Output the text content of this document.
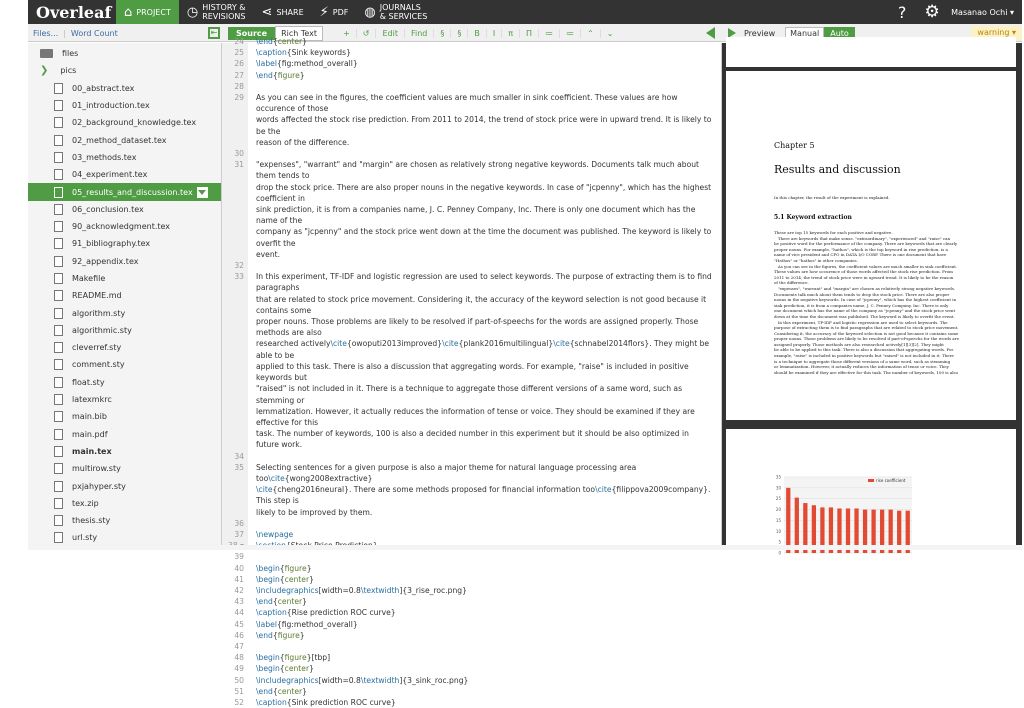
Overleaf ⌂ PROJECT ◷ HISTORY &
REVISIONS ⋖ SHARE ⚡ PDF ◍ JOURNALS
& SERVICES	?	⚙	Masanao Ochi ▾
Files... | Word Count	⇤	Source	Rich Text	+	↺	Edit	Find	§	§	B	I	π	Π	≔	≔	⌃	⌄	Preview	Manual	Auto	warning ▾
files
❯ pics
00_abstract.tex
01_introduction.tex
02_background_knowledge.tex
02_method_dataset.tex
03_methods.tex
04_experiment.tex
05_results_and_discussion.tex
06_conclusion.tex
90_acknowledgment.tex
91_bibliography.tex
92_appendix.tex
Makefile
README.md
algorithm.sty
algorithmic.sty
cleverref.sty
comment.sty
float.sty
latexmkrc
main.bib
main.pdf
main.tex
multirow.sty
pxjahyper.sty
tex.zip
thesis.sty
url.sty
24 \end{center}
25 \caption{Sink keywords}
26 \label{fig:method_overall}
27 \end{figure}
28

29 As you can see in the figures, the coefficient values are much smaller in sink coefficient. These values are how occurence of those
words affected the stock rise prediction. From 2011 to 2014, the trend of stock price were in upward trend. It is likely to be the
reason of the difference.
30

31 "expenses", "warrant" and "margin" are chosen as relatively strong negative keywords. Documents talk much about them tends to
drop the stock price. There are also proper nouns in the negative keywords. In case of "jcpenny", which has the highest coefficient in
sink prediction, it is from a companies name, J. C. Penney Company, Inc. There is only one document which has the name of the
company as "jcpenny" and the stock price went down at the time the document was published. The keyword is likely to overfit the
event.
32

33 In this experiment, TF-IDF and logistic regression are used to select keywords. The purpose of extracting them is to find paragraphs
that are related to stock price movement. Considering it, the accuracy of the keyword selection is not good because it contains some
proper nouns. Those problems are likely to be resolved if part-of-speechs for the words are assigned properly. Those methods are also
researched actively\cite{owoputi2013improved}\cite{plank2016multilingual}\cite{schnabel2014flors}. They might be able to be
applied to this task. There is also a discussion that aggregating words. For example, "raise" is included in positive keywords but
"raised" is not included in it. There is a technique to aggregate those different versions of a same word, such as stemming or
lemmatization. However, it actually reduces the information of tense or voice. They should be examined if they are effective for this
task. The number of keywords, 100 is also a decided number in this experiment but it should be also optimized in future work.
34

35 Selecting sentences for a given purpose is also a major theme for natural language processing area too\cite{wong2008extractive}
\cite{cheng2016neural}. There are some methods proposed for financial information too\cite{filippova2009company}. This step is
likely to be improved by them.
36

37 \newpage
39

40 \begin{figure}
41 \begin{center}
42 \includegraphics[width=0.8\textwidth]{3_rise_roc.png}
43 \end{center}
44 \caption{Rise prediction ROC curve}
45 \label{fig:method_overall}
46 \end{figure}
47

48 \begin{figure}[tbp]
49 \begin{center}
50 \includegraphics[width=0.8\textwidth]{3_sink_roc.png}
51 \end{center}
52 \caption{Sink prediction ROC curve}
Chapter 5
Results and discussion
In this chapter, the result of the experiment is explained.
5.1 Keyword extraction
These are top 15 keywords for each positive and negative.
There are keywords that make sense. "extraordinary", "experienced" and "raise" can
be positive word for the performance of the company. There are keywords that are clearly
proper nouns. For example, "hathos", which is the top keyword in rise prediction, is a
name of vice president and CFO in DATA I/O CORP. There is one document that have
"Hathos" or "hathos" in other companies.
As you can see in the figures, the coefficient values are much smaller in sink coefficient.
These values are how occurence of those words affected the stock rise prediction. From
2011 to 2014, the trend of stock price were in upward trend. It is likely to be the reason
of the difference.
"expenses", "warrant" and "margin" are chosen as relatively strong negative keywords.
Documents talk much about them tends to drop the stock price. There are also proper
nouns in the negative keywords. In case of "jcpenny", which has the highest coefficient in
sink prediction, it is from a companies name, J. C. Penney Company, Inc. There is only
one document which has the name of the company as "jcpenny" and the stock price went
down at the time the document was published. The keyword is likely to overfit the event.
In this experiment, TF-IDF and logistic regression are used to select keywords. The
purpose of extracting them is to find paragraphs that are related to stock price movement.
Considering it, the accuracy of the keyword selection is not good because it contains some
proper nouns. Those problems are likely to be resolved if part-of-speechs for the words are
assigned properly. Those methods are also researched actively[1][3][2]. They might
be able to be applied to this task. There is also a discussion that aggregating words. For
example, "raise" is included in positive keywords but "raised" is not included in it. There
is a technique to aggregate those different versions of a same word, such as stemming
or lemmatization. However, it actually reduces the information of tense or voice. They
should be examined if they are effective for this task. The number of keywords, 100 is also
35
30
25
20
15
10
5
0
rise coefficient
